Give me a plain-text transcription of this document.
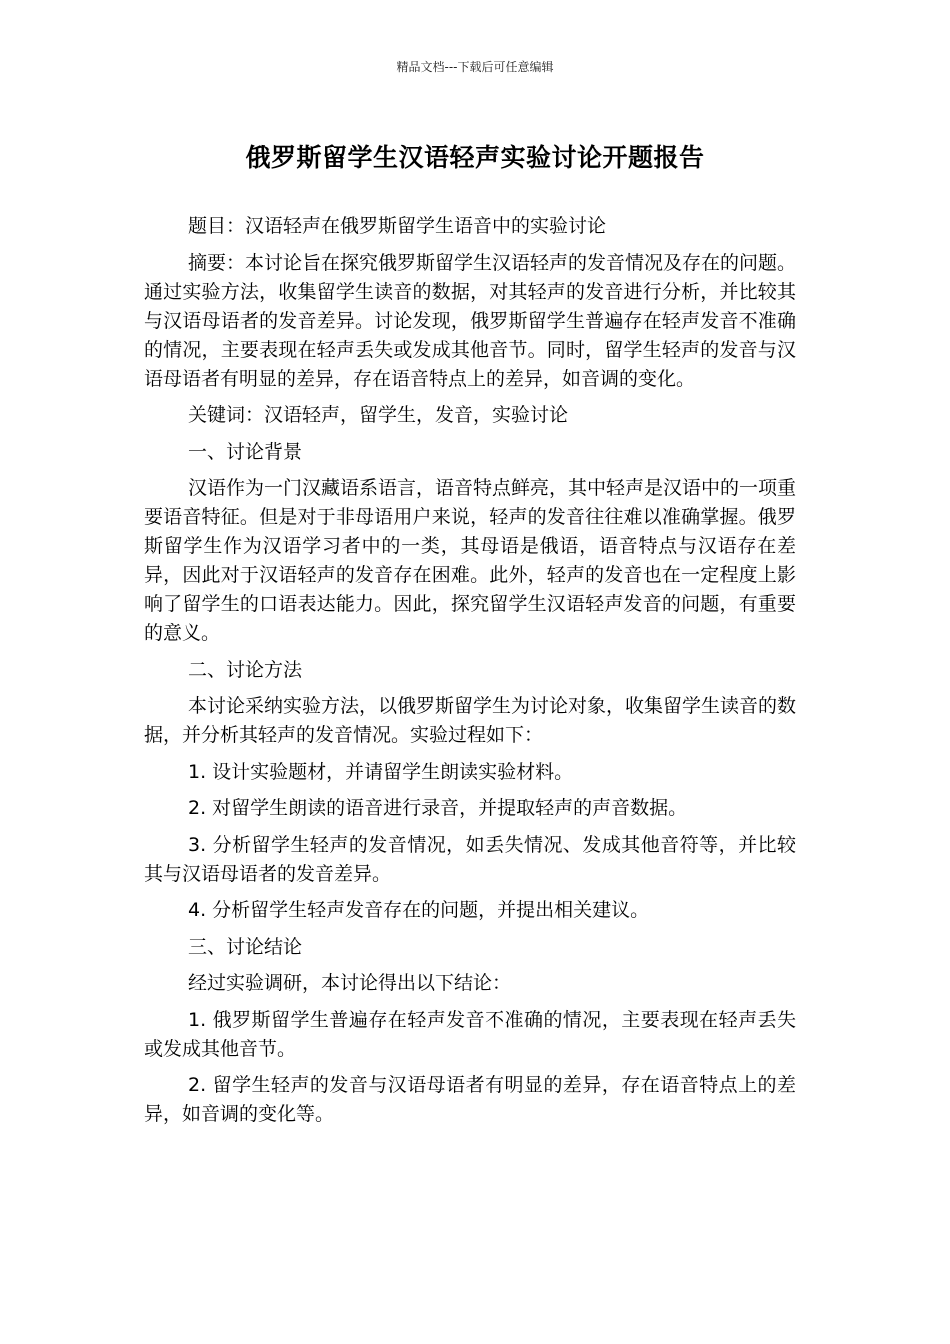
精品文档---下载后可任意编辑
俄罗斯留学生汉语轻声实验讨论开题报告

题目：汉语轻声在俄罗斯留学生语音中的实验讨论

摘要：本讨论旨在探究俄罗斯留学生汉语轻声的发音情况及存在的问题。通过实验方法，收集留学生读音的数据，对其轻声的发音进行分析，并比较其与汉语母语者的发音差异。讨论发现，俄罗斯留学生普遍存在轻声发音不准确的情况，主要表现在轻声丢失或发成其他音节。同时，留学生轻声的发音与汉语母语者有明显的差异，存在语音特点上的差异，如音调的变化。

关键词：汉语轻声，留学生，发音，实验讨论

一、讨论背景

汉语作为一门汉藏语系语言，语音特点鲜亮，其中轻声是汉语中的一项重要语音特征。但是对于非母语用户来说，轻声的发音往往难以准确掌握。俄罗斯留学生作为汉语学习者中的一类，其母语是俄语，语音特点与汉语存在差异，因此对于汉语轻声的发音存在困难。此外，轻声的发音也在一定程度上影响了留学生的口语表达能力。因此，探究留学生汉语轻声发音的问题，有重要的意义。

二、讨论方法

本讨论采纳实验方法，以俄罗斯留学生为讨论对象，收集留学生读音的数据，并分析其轻声的发音情况。实验过程如下：

1. 设计实验题材，并请留学生朗读实验材料。

2. 对留学生朗读的语音进行录音，并提取轻声的声音数据。

3. 分析留学生轻声的发音情况，如丢失情况、发成其他音符等，并比较其与汉语母语者的发音差异。

4. 分析留学生轻声发音存在的问题，并提出相关建议。

三、讨论结论

经过实验调研，本讨论得出以下结论：

1. 俄罗斯留学生普遍存在轻声发音不准确的情况，主要表现在轻声丢失或发成其他音节。

2. 留学生轻声的发音与汉语母语者有明显的差异，存在语音特点上的差异，如音调的变化等。
